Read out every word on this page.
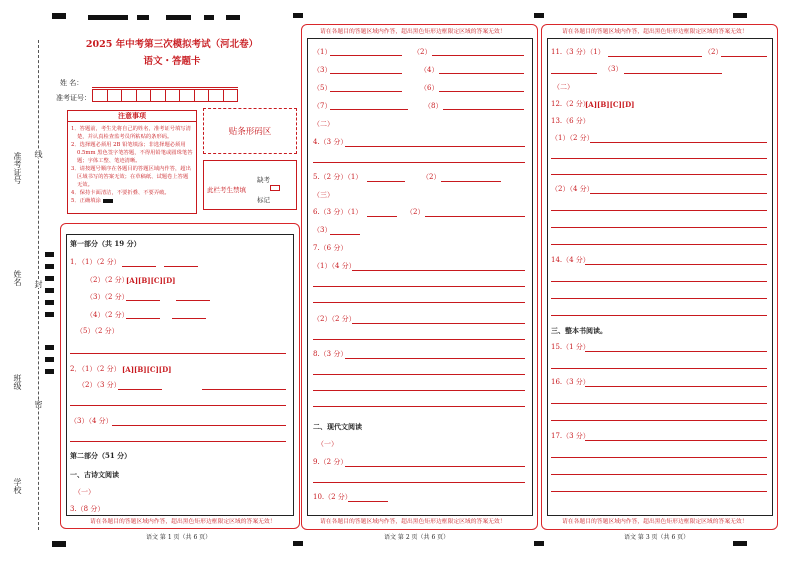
准考证号 线
姓名 封
班级
密
学校
2025 年中考第三次模拟考试（河北卷）
语文・答题卡
姓 名：
准考证号：
注意事项
1．答题前，考生先将自己的姓名，准考证号填写清
楚，并认真检查监考员所粘贴的条形码。
2．选择题必须用 2B 铅笔填涂；非选择题必须用
0.5mm 黑色签字笔答题，不得用铅笔或圆珠笔答
题；字体工整、笔迹清晰。
3．请按题号顺序在各题目的答题区域内作答，超出
区域书写的答案无效；在草稿纸、试题卷上答题
无效。
4．保持卡面清洁，不要折叠、不要弄破。
5．正确填涂
贴条形码区
此栏考生禁填
缺考
标记
请在各题目的答题区域内作答，超出黑色矩形边框限定区域的答案无效！
语文 第 1 页（共 6 页）
第一部分（共 19 分）
1．（1）（2 分）
（2）（2 分）
[A][B][C][D]
（3）（2 分）
（4）（2 分）
（5）（2 分）
2．（1）（2 分） [A][B][C][D]
（2）（3 分）
（3）（4 分）
第二部分（51 分）
一、古诗文阅读
（一）
3.（8 分）
请在各题目的答题区域内作答，超出黑色矩形边框限定区域的答案无效！
请在各题目的答题区域内作答，超出黑色矩形边框限定区域的答案无效！
语文 第 2 页（共 6 页）
（1）	（2）
（3）	（4）
（5）	（6）
（7）	（8）
（二）
4.（3 分）
5.（2 分）（1）	（2）
（三）
6.（3 分）（1）	（2）
（3）
7.（6 分）
（1）（4 分）
（2）（2 分）
8.（3 分）
二、现代文阅读
（一）
9.（2 分）
10.（2 分）
请在各题目的答题区域内作答，超出黑色矩形边框限定区域的答案无效！
请在各题目的答题区域内作答，超出黑色矩形边框限定区域的答案无效！
语文 第 3 页（共 6 页）
11.（3 分）（1）	（2）
（3）
（二）
12.（2 分）
[A][B][C][D]
13.（6 分）
（1）（2 分）
（2）（4 分）
14.（4 分）
三、整本书阅读。
15.（1 分）
16.（3 分）
17.（3 分）
